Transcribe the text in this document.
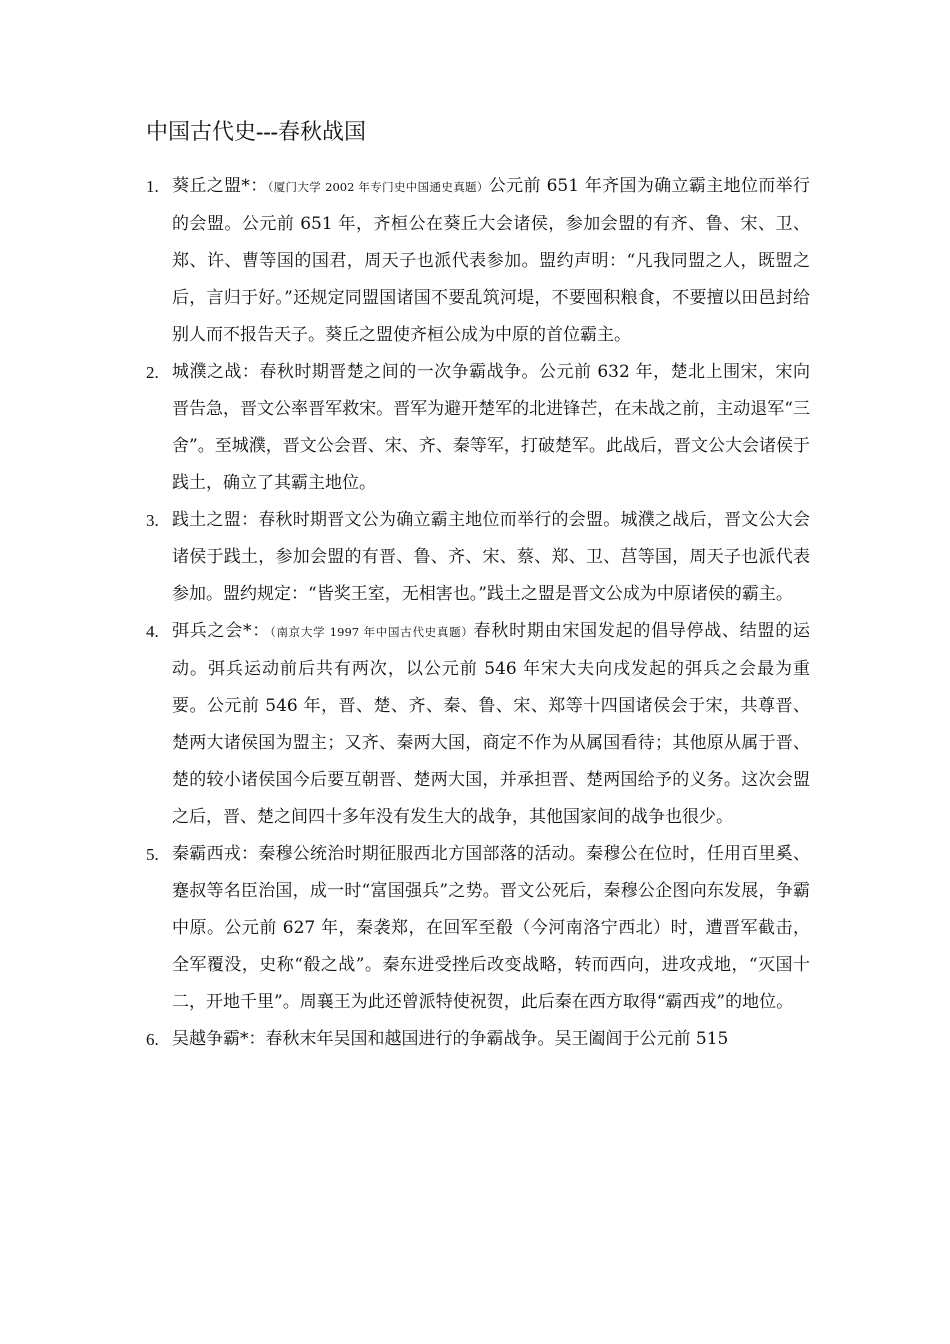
中国古代史---春秋战国
1. 葵丘之盟*：（厦门大学 2002 年专门史中国通史真题）公元前 651 年齐国为确立霸主地位而举行的会盟。公元前 651 年，齐桓公在葵丘大会诸侯，参加会盟的有齐、鲁、宋、卫、郑、许、曹等国的国君，周天子也派代表参加。盟约声明：“凡我同盟之人，既盟之后，言归于好。”还规定同盟国诸国不要乱筑河堤，不要囤积粮食，不要擅以田邑封给别人而不报告天子。葵丘之盟使齐桓公成为中原的首位霸主。
2. 城濮之战：春秋时期晋楚之间的一次争霸战争。公元前 632 年，楚北上围宋，宋向晋告急，晋文公率晋军救宋。晋军为避开楚军的北进锋芒，在未战之前，主动退军“三舍”。至城濮，晋文公会晋、宋、齐、秦等军，打破楚军。此战后，晋文公大会诸侯于践土，确立了其霸主地位。
3. 践土之盟：春秋时期晋文公为确立霸主地位而举行的会盟。城濮之战后，晋文公大会诸侯于践土，参加会盟的有晋、鲁、齐、宋、蔡、郑、卫、莒等国，周天子也派代表参加。盟约规定：“皆奖王室，无相害也。”践土之盟是晋文公成为中原诸侯的霸主。
4. 弭兵之会*：（南京大学 1997 年中国古代史真题）春秋时期由宋国发起的倡导停战、结盟的运动。弭兵运动前后共有两次，以公元前 546 年宋大夫向戌发起的弭兵之会最为重要。公元前 546 年，晋、楚、齐、秦、鲁、宋、郑等十四国诸侯会于宋，共尊晋、楚两大诸侯国为盟主；又齐、秦两大国，商定不作为从属国看待；其他原从属于晋、楚的较小诸侯国今后要互朝晋、楚两大国，并承担晋、楚两国给予的义务。这次会盟之后，晋、楚之间四十多年没有发生大的战争，其他国家间的战争也很少。
5. 秦霸西戎：秦穆公统治时期征服西北方国部落的活动。秦穆公在位时，任用百里奚、蹇叔等名臣治国，成一时“富国强兵”之势。晋文公死后，秦穆公企图向东发展，争霸中原。公元前 627 年，秦袭郑，在回军至殽（今河南洛宁西北）时，遭晋军截击，全军覆没，史称“殽之战”。秦东进受挫后改变战略，转而西向，进攻戎地，“灭国十二，开地千里”。周襄王为此还曾派特使祝贺，此后秦在西方取得“霸西戎”的地位。
6. 吴越争霸*：春秋末年吴国和越国进行的争霸战争。吴王阖闾于公元前 515
